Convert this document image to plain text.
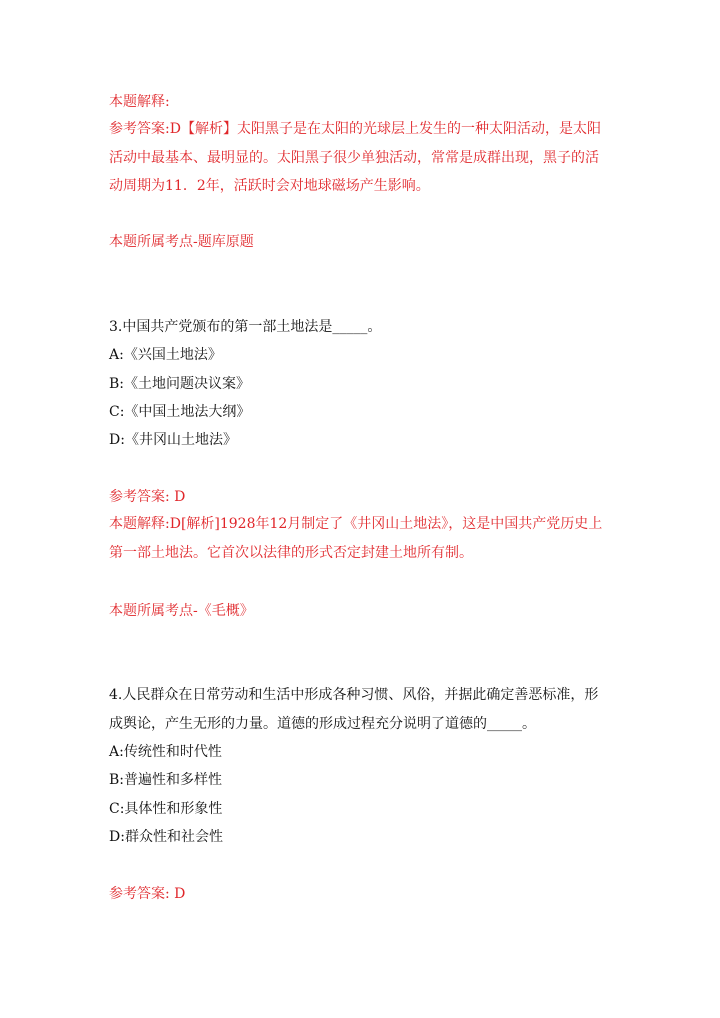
本题解释:
参考答案:D【解析】太阳黑子是在太阳的光球层上发生的一种太阳活动，是太阳活动中最基本、最明显的。太阳黑子很少单独活动，常常是成群出现，黑子的活动周期为11．2年，活跃时会对地球磁场产生影响。
本题所属考点-题库原题
3.中国共产党颁布的第一部土地法是_____。
A:《兴国土地法》
B:《土地问题决议案》
C:《中国土地法大纲》
D:《井冈山土地法》
参考答案: D
本题解释:D[解析]1928年12月制定了《井冈山土地法》，这是中国共产党历史上第一部土地法。它首次以法律的形式否定封建土地所有制。
本题所属考点-《毛概》
4.人民群众在日常劳动和生活中形成各种习惯、风俗，并据此确定善恶标准，形成舆论，产生无形的力量。道德的形成过程充分说明了道德的_____。
A:传统性和时代性
B:普遍性和多样性
C:具体性和形象性
D:群众性和社会性
参考答案: D
